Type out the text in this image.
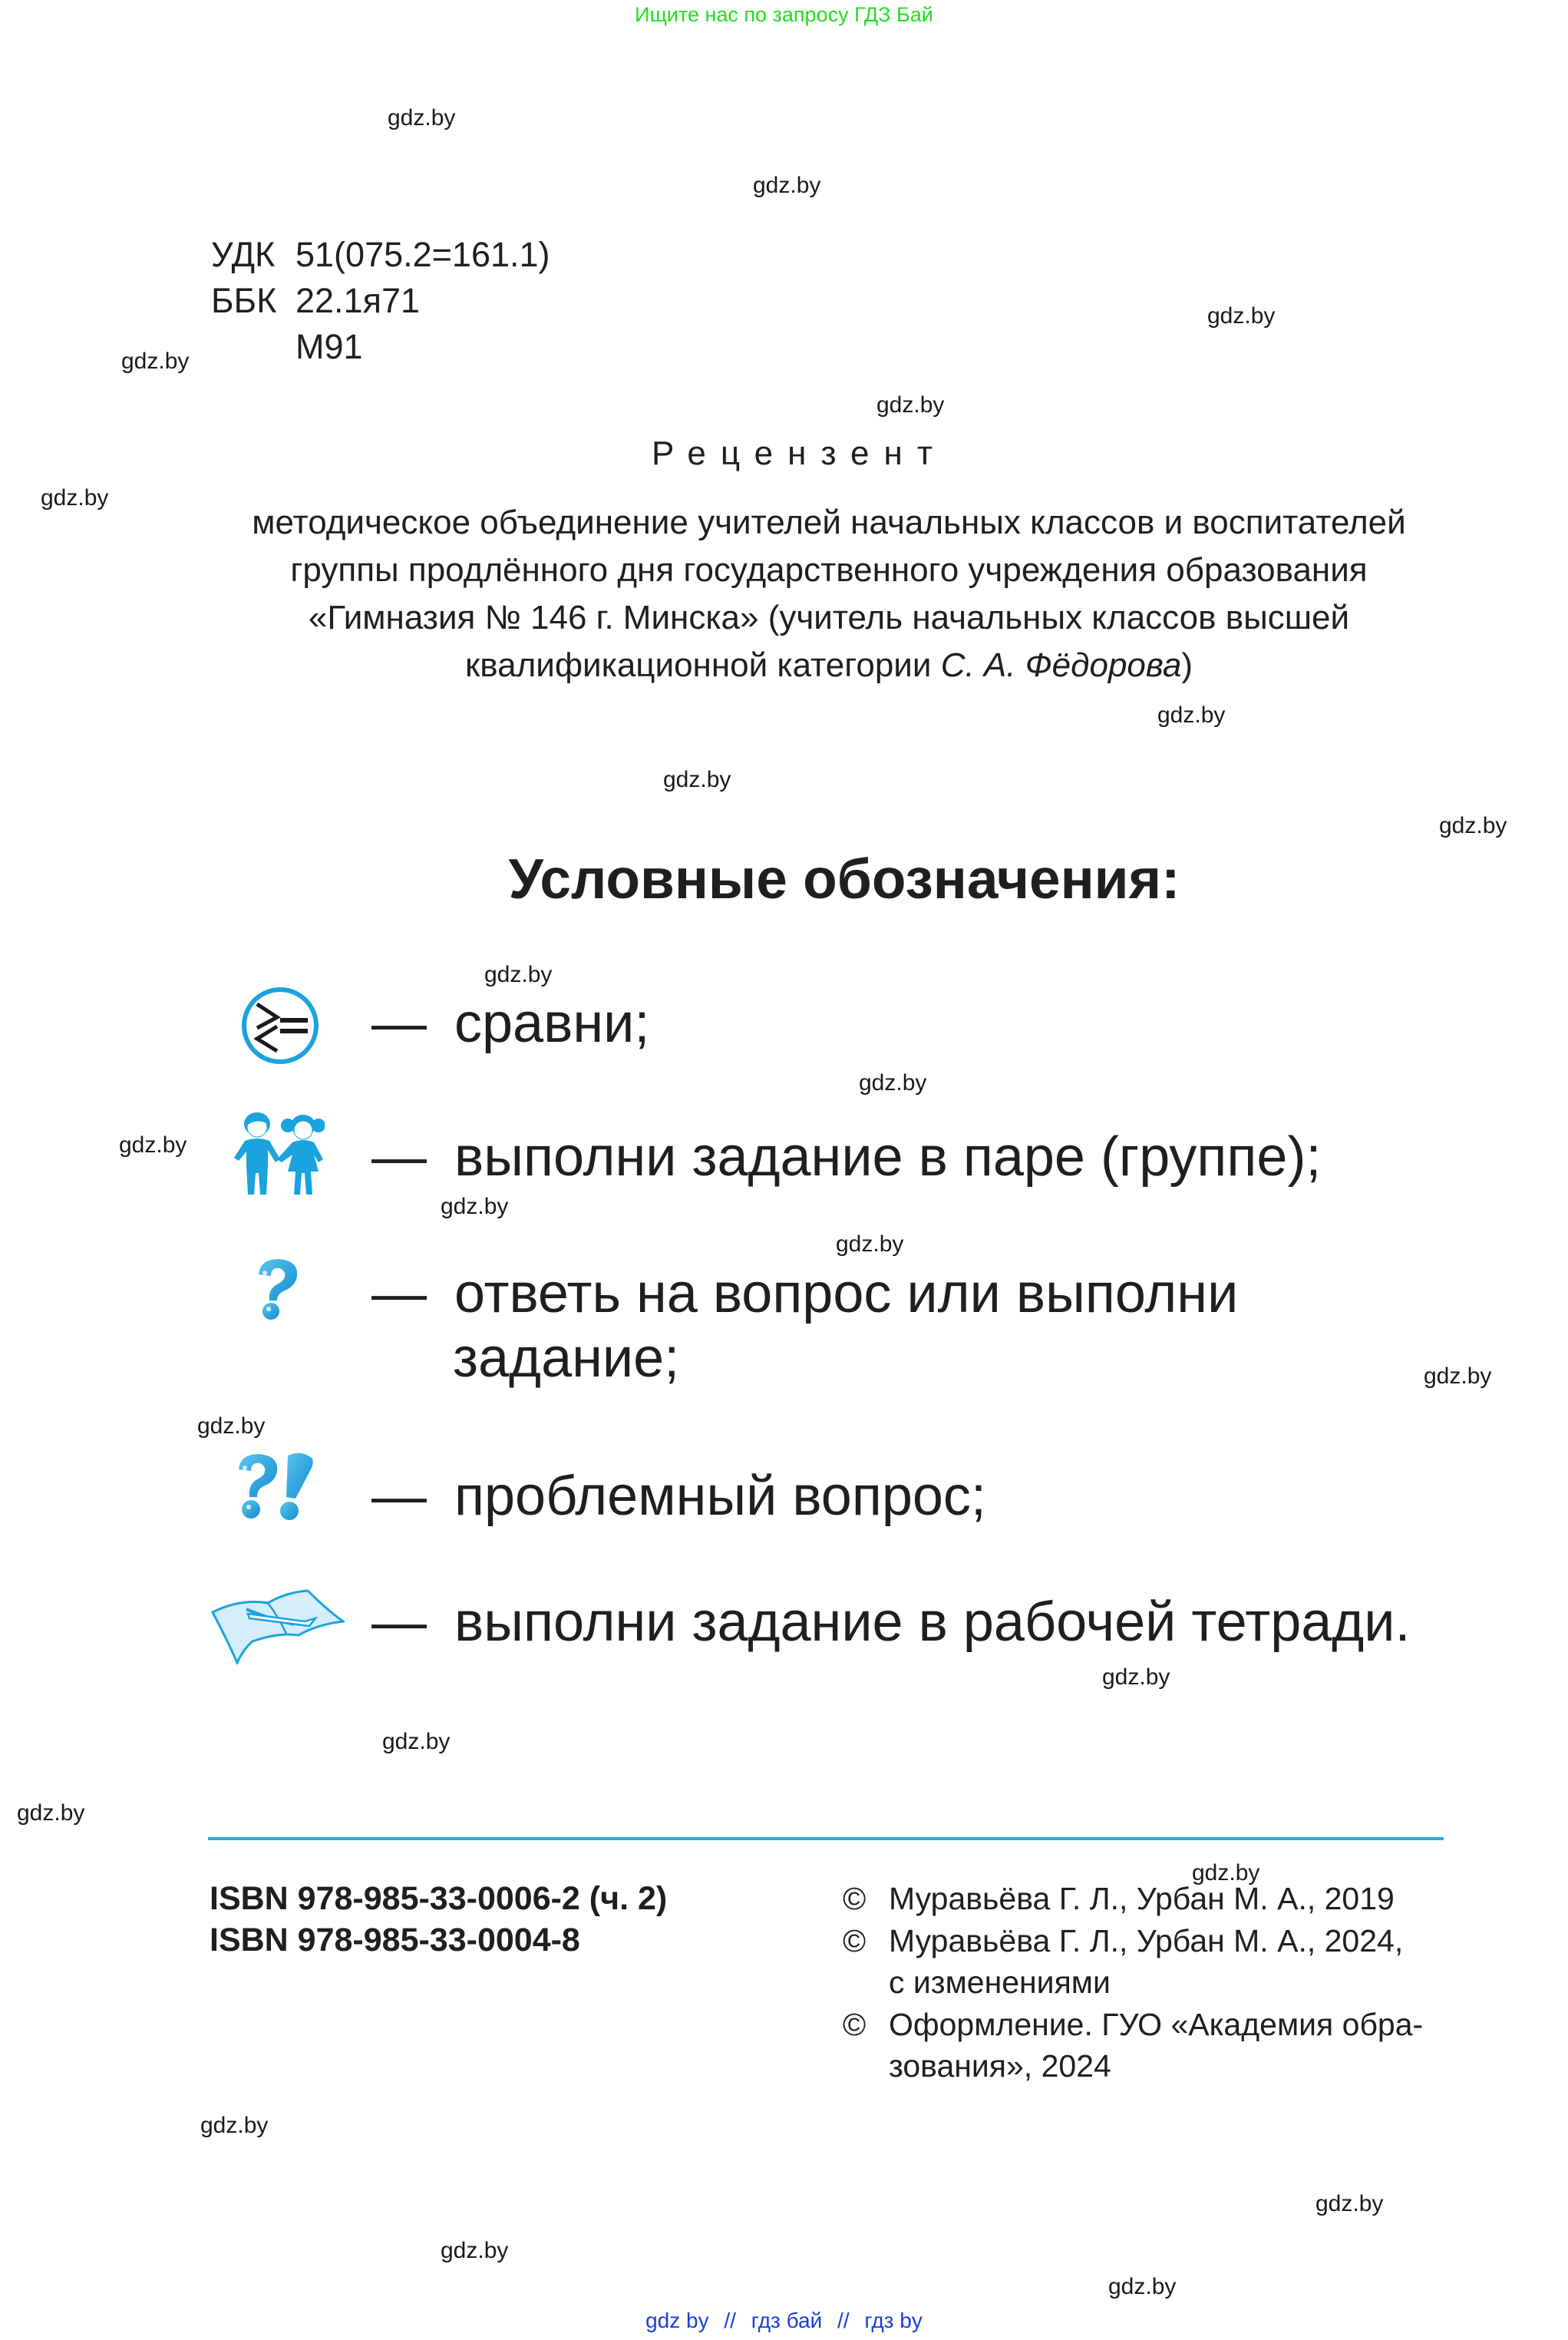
Ищите нас по запросу ГДЗ Бай
gdz.by
gdz.by
gdz.by
gdz.by
gdz.by
gdz.by
gdz.by
gdz.by
gdz.by
gdz.by
gdz.by
gdz.by
gdz.by
gdz.by
gdz.by
gdz.by
gdz.by
gdz.by
gdz.by
gdz.by
gdz.by
gdz.by
gdz.by
gdz.by
УДК 51(075.2=161.1)
ББК 22.1я71
М91
Рецензент
методическое объединение учителей начальных классов и воспитателей
группы продлённого дня государственного учреждения образования
«Гимназия № 146 г. Минска» (учитель начальных классов высшей
квалификационной категории С. А. Фёдорова)
Условные обозначения:
— сравни;
— выполни задание в паре (группе);
— ответь на вопрос или выполни
задание;
— проблемный вопрос;
— выполни задание в рабочей тетради.
ISBN 978-985-33-0006-2 (ч. 2)
ISBN 978-985-33-0004-8
© Муравьёва Г. Л., Урбан М. А., 2019
© Муравьёва Г. Л., Урбан М. А., 2024,
с изменениями
© Оформление. ГУО «Академия обра-
зования», 2024
gdz by // гдз бай // гдз by
